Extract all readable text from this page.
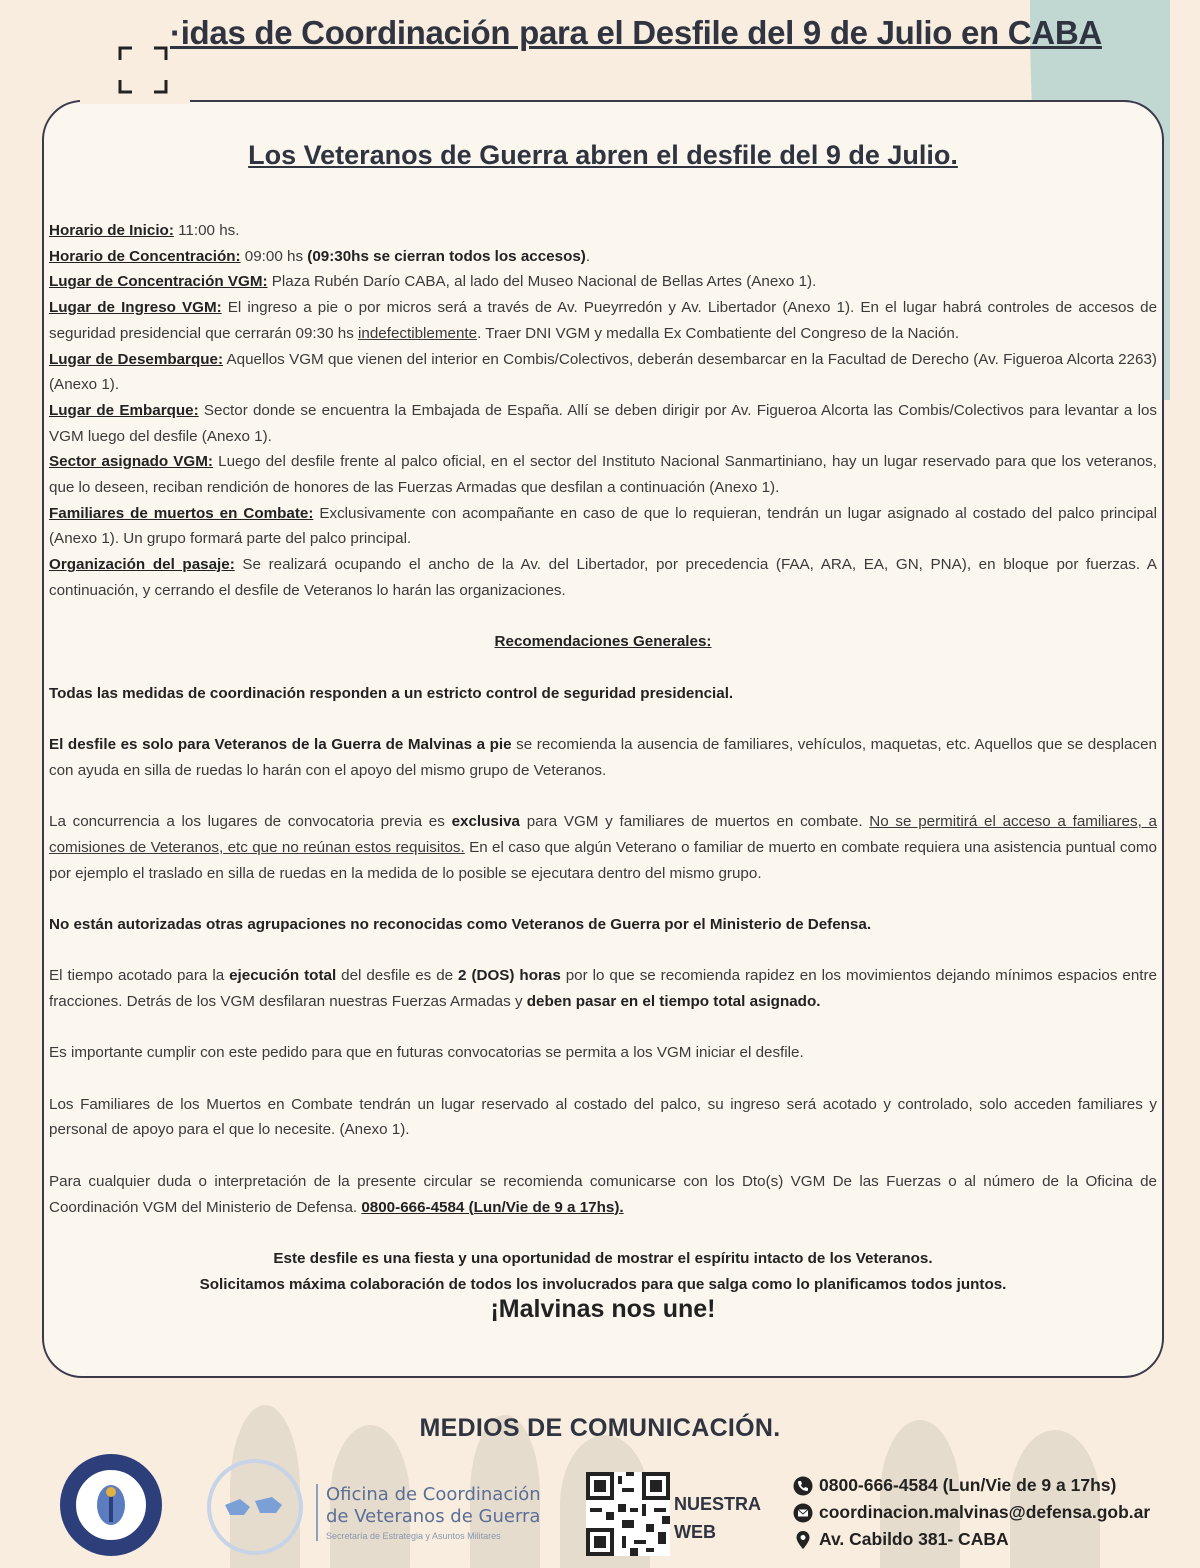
·idas de Coordinación para el Desfile del 9 de Julio en CABA
Los Veteranos de Guerra abren el desfile del 9 de Julio.

Horario de Inicio: 11:00 hs.

Horario de Concentración: 09:00 hs (09:30hs se cierran todos los accesos).

Lugar de Concentración VGM: Plaza Rubén Darío CABA, al lado del Museo Nacional de Bellas Artes (Anexo 1).

Lugar de Ingreso VGM: El ingreso a pie o por micros será a través de Av. Pueyrredón y Av. Libertador (Anexo 1). En el lugar habrá controles de accesos de seguridad presidencial que cerrarán 09:30 hs indefectiblemente. Traer DNI VGM y medalla Ex Combatiente del Congreso de la Nación.

Lugar de Desembarque: Aquellos VGM que vienen del interior en Combis/Colectivos, deberán desembarcar en la Facultad de Derecho (Av. Figueroa Alcorta 2263) (Anexo 1).

Lugar de Embarque: Sector donde se encuentra la Embajada de España. Allí se deben dirigir por Av. Figueroa Alcorta las Combis/Colectivos para levantar a los VGM luego del desfile (Anexo 1).

Sector asignado VGM: Luego del desfile frente al palco oficial, en el sector del Instituto Nacional Sanmartiniano, hay un lugar reservado para que los veteranos, que lo deseen, reciban rendición de honores de las Fuerzas Armadas que desfilan a continuación (Anexo 1).

Familiares de muertos en Combate: Exclusivamente con acompañante en caso de que lo requieran, tendrán un lugar asignado al costado del palco principal (Anexo 1). Un grupo formará parte del palco principal.

Organización del pasaje: Se realizará ocupando el ancho de la Av. del Libertador, por precedencia (FAA, ARA, EA, GN, PNA), en bloque por fuerzas. A continuación, y cerrando el desfile de Veteranos lo harán las organizaciones.

Recomendaciones Generales:

Todas las medidas de coordinación responden a un estricto control de seguridad presidencial.

El desfile es solo para Veteranos de la Guerra de Malvinas a pie se recomienda la ausencia de familiares, vehículos, maquetas, etc. Aquellos que se desplacen con ayuda en silla de ruedas lo harán con el apoyo del mismo grupo de Veteranos.

La concurrencia a los lugares de convocatoria previa es exclusiva para VGM y familiares de muertos en combate. No se permitirá el acceso a familiares, a comisiones de Veteranos, etc que no reúnan estos requisitos. En el caso que algún Veterano o familiar de muerto en combate requiera una asistencia puntual como por ejemplo el traslado en silla de ruedas en la medida de lo posible se ejecutara dentro del mismo grupo.

No están autorizadas otras agrupaciones no reconocidas como Veteranos de Guerra por el Ministerio de Defensa.

El tiempo acotado para la ejecución total del desfile es de 2 (DOS) horas por lo que se recomienda rapidez en los movimientos dejando mínimos espacios entre fracciones. Detrás de los VGM desfilaran nuestras Fuerzas Armadas y deben pasar en el tiempo total asignado.

Es importante cumplir con este pedido para que en futuras convocatorias se permita a los VGM iniciar el desfile.

Los Familiares de los Muertos en Combate tendrán un lugar reservado al costado del palco, su ingreso será acotado y controlado, solo acceden familiares y personal de apoyo para el que lo necesite. (Anexo 1).

Para cualquier duda o interpretación de la presente circular se recomienda comunicarse con los Dto(s) VGM De las Fuerzas o al número de la Oficina de Coordinación VGM del Ministerio de Defensa. 0800-666-4584 (Lun/Vie de 9 a 17hs).

Este desfile es una fiesta y una oportunidad de mostrar el espíritu intacto de los Veteranos.

Solicitamos máxima colaboración de todos los involucrados para que salga como lo planificamos todos juntos.

¡Malvinas nos une!

MEDIOS DE COMUNICACIÓN.
Oficina de Coordinación
de Veteranos de Guerra
Secretaría de Estrategia y Asuntos Militares
NUESTRA
WEB
0800-666-4584 (Lun/Vie de 9 a 17hs)
coordinacion.malvinas@defensa.gob.ar
Av. Cabildo 381- CABA
